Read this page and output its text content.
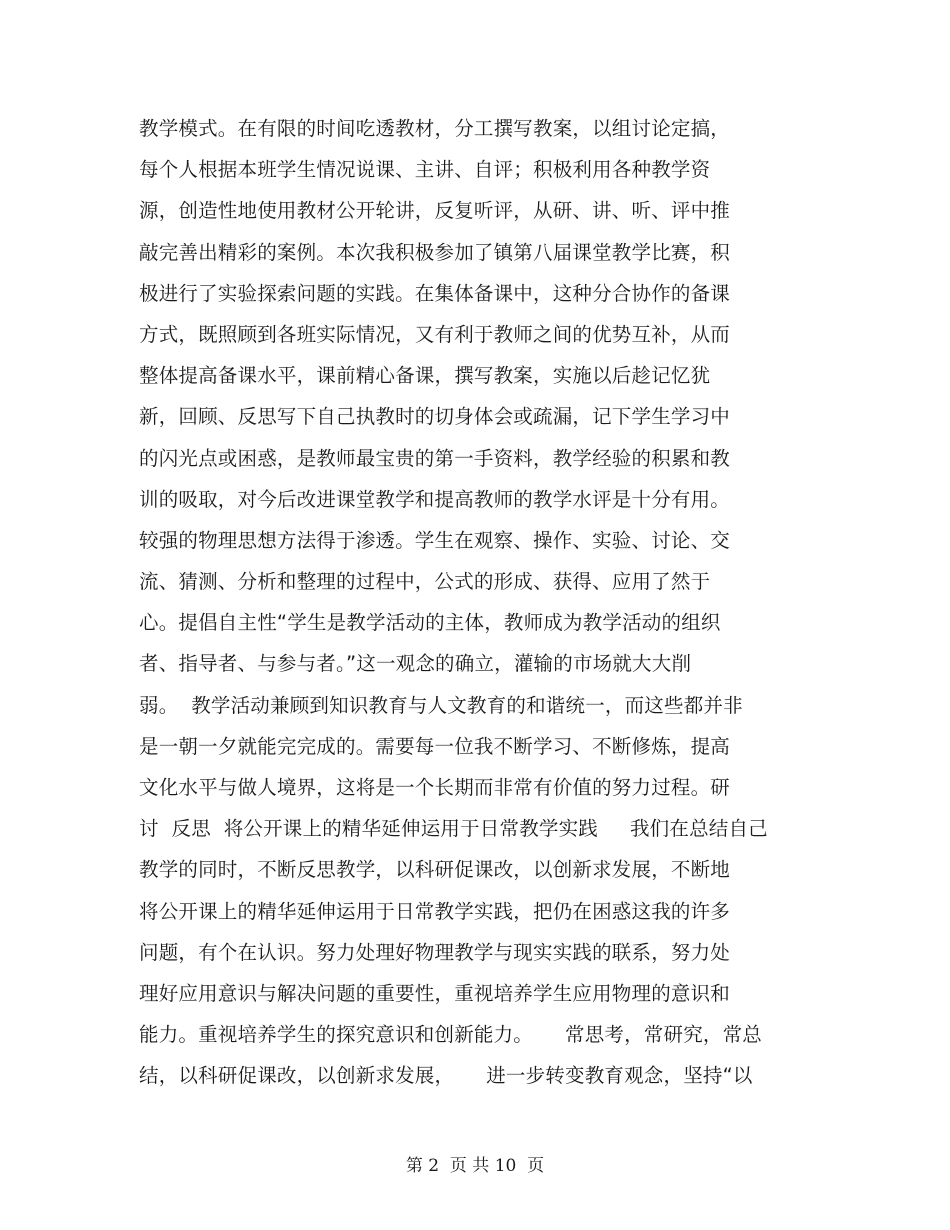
教学模式。在有限的时间吃透教材，分工撰写教案，以组讨论定搞，
每个人根据本班学生情况说课、主讲、自评；积极利用各种教学资
源，创造性地使用教材公开轮讲，反复听评，从研、讲、听、评中推
敲完善出精彩的案例。本次我积极参加了镇第八届课堂教学比赛，积
极进行了实验探索问题的实践。在集体备课中，这种分合协作的备课
方式，既照顾到各班实际情况，又有利于教师之间的优势互补，从而
整体提高备课水平，课前精心备课，撰写教案，实施以后趁记忆犹
新，回顾、反思写下自己执教时的切身体会或疏漏，记下学生学习中
的闪光点或困惑，是教师最宝贵的第一手资料，教学经验的积累和教
训的吸取，对今后改进课堂教学和提高教师的教学水评是十分有用。
较强的物理思想方法得于渗透。学生在观察、操作、实验、讨论、交
流、猜测、分析和整理的过程中，公式的形成、获得、应用了然于
心。提倡自主性“学生是教学活动的主体，教师成为教学活动的组织
者、指导者、与参与者。”这一观念的确立，灌输的市场就大大削
弱。  教学活动兼顾到知识教育与人文教育的和谐统一，而这些都并非
是一朝一夕就能完完成的。需要每一位我不断学习、不断修炼，提高
文化水平与做人境界，这将是一个长期而非常有价值的努力过程。研
讨  反思  将公开课上的精华延伸运用于日常教学实践     我们在总结自己
教学的同时，不断反思教学，以科研促课改，以创新求发展，不断地
将公开课上的精华延伸运用于日常教学实践，把仍在困惑这我的许多
问题，有个在认识。努力处理好物理教学与现实实践的联系，努力处
理好应用意识与解决问题的重要性，重视培养学生应用物理的意识和
能力。重视培养学生的探究意识和创新能力。     常思考，常研究，常总
结，以科研促课改，以创新求发展，     进一步转变教育观念，坚持“以
第 2  页 共 10  页
